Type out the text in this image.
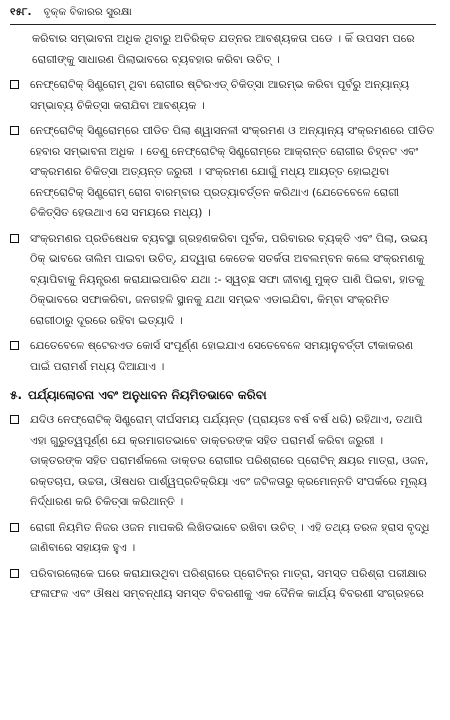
୧୫୮. ବୃକ୍କ ବିକାରର ସୁରକ୍ଷା

କରିବାର ସମ୍ଭାବନା ଅଧିକ ଥିବାରୁ ଅତିରିକ୍ତ ଯତ୍ନର ଆବଶ୍ୟକତା ପଡେ । କିଁ ଉପସମ ପରେ ରୋଗୀଙ୍କୁ ସାଧାରଣ ପିଲାଭାବରେ ବ୍ୟବହାର କରିବା ଉଚିତ୍ ।

ନେଫ୍ରୋଟିକ୍ ସିଣ୍ଡ୍ରୋମ୍ ଥିବା ରୋଗୀର ଷ୍ଟିରଏଡ୍ ଚିକିତ୍ସା ଆରମ୍ଭ କରିବା ପୂର୍ବରୁ ଅନ୍ୟାନ୍ୟ ସମ୍ଭାବ୍ୟ ଚିକିତ୍ସା କରାଯିବା ଆବଶ୍ୟକ ।
ନେଫ୍ରୋଟିକ୍ ସିଣ୍ଡ୍ରୋମ୍‌ରେ ପୀଡିତ ପିଲା ଶ୍ୱାସନଳୀ ସଂକ୍ରମଣ ଓ ଅନ୍ୟାନ୍ୟ ସଂକ୍ରମଣରେ ପୀଡିତ ହେବାର ସମ୍ଭାବନା ଅଧିକ । ତେଣୁ ନେଫ୍ରୋଟିକ୍ ସିଣ୍ଡ୍ରୋମ୍‌ରେ ଆକ୍ରାନ୍ତ ରୋଗୀର ଚିହ୍ନଟ ଏବଂ ସଂକ୍ରମଣର ଚିକିତ୍ସା ଅତ୍ୟନ୍ତ ଜରୁରୀ । ସଂକ୍ରମଣ ଯୋଗୁଁ ମଧ୍ୟ ଆୟତ୍ତ ହୋଇଥିବା ନେଫ୍ରୋଟିକ୍ ସିଣ୍ଡ୍ରୋମ୍ ରୋଗ ବାରମ୍ବାର ପ୍ରତ୍ୟାବର୍ତ୍ତନ କରିଥାଏ (ଯେତେବେଳେ ରୋଗୀ ଚିକିତ୍ସିତ ହେଉଥାଏ ସେ ସମୟରେ ମଧ୍ୟ) ।
ସଂକ୍ରମଣର ପ୍ରତିଷେଧକ ବ୍ୟବସ୍ଥା ଗ୍ରହଣକରିବା ପୂର୍ବକ, ପରିବାରର ବ୍ୟକ୍ତି ଏବଂ ପିଲା, ଉଭୟ ଠିକ୍ ଭାବରେ ତାଲିମ ପାଇବା ଉଚିତ୍, ଯଦ୍ୱାରା କେତେକ ସତର୍କତା ଅବଲମ୍ବନ କଲେ ସଂକ୍ରମଣକୁ ବ୍ୟାପିବାକୁ ନିୟନ୍ତ୍ରଣ କରାଯାଇପାରିବ ଯଥା :- ସ୍ୱଚ୍ଛ ସଫା ଜୀବାଣୁ ମୁକ୍ତ ପାଣି ପିଇବା, ହାତକୁ ଠିକ୍‌ଭାବରେ ସଫାକରିବା, ଜନଗହଳି ସ୍ଥାନକୁ ଯଥା ସମ୍ଭବ ଏଡାଇଯିବା, କିମ୍ବା ସଂକ୍ରମିତ ରୋଗୀଠାରୁ ଦୂରରେ ରହିବା ଇତ୍ୟାଦି ।
ଯେତେବେଳେ ଷ୍ଟେରଏଡ କୋର୍ସ ସଂପୂର୍ଣ୍ଣ ହୋଇଯାଏ ସେତେବେଳେ ସମୟାନୁବର୍ତ୍ତୀ ଟୀକାକରଣ ପାଇଁ ପରାମର୍ଶ ମଧ୍ୟ ଦିଆଯାଏ ।
୫. ପର୍ଯ୍ୟାଲୋଚନା ଏବଂ ଅନୁଧାବନ ନିୟମିତଭାବେ କରିବା
ଯଦିଓ ନେଫ୍ରୋଟିକ୍ ସିଣ୍ଡ୍ରୋମ୍ ଦୀର୍ଘସମୟ ପର୍ଯ୍ୟନ୍ତ (ପ୍ରାୟତଃ ବର୍ଷ ବର୍ଷ ଧରି) ରହିଥାଏ, ତଥାପି ଏହା ଗୁରୁତ୍ୱପୂର୍ଣ୍ଣ ଯେ କ୍ରମାଗତଭାବେ ଡାକ୍ତରଙ୍କ ସହିତ ପରାମର୍ଶ କରିବା ଜରୁରୀ । ଡାକ୍ତରଙ୍କ ସହିତ ପରାମର୍ଶକଲେ ଡାକ୍ତର ରୋଗୀର ପରିଶ୍ରାରେ ପ୍ରୋଟିନ୍ କ୍ଷୟର ମାତ୍ରା, ଓଜନ, ରକ୍ତଚାପ, ଉଚ୍ଚତା, ଔଷଧର ପାର୍ଶ୍ୱପ୍ରତିକ୍ରିୟା ଏବଂ ଜଟିଳତାରୁ କ୍ରମୋନ୍ନତି ସଂପର୍କରେ ମୂଲ୍ୟ ନିର୍ଦ୍ଧାରଣ କରି ଚିକିତ୍ସା କରିଥାନ୍ତି ।
ରୋଗୀ ନିୟମିତ ନିଜର ଓଜନ ମାପକରି ଲିଖିତଭାବେ ରଖିବା ଉଚିତ୍ । ଏହି ତଥ୍ୟ ତରଳ ହ୍ରାସ ବୃଦ୍ଧି ଜାଣିବାରେ ସହାୟକ ହୁଏ ।
ପରିବାରଲୋକେ ଘରେ କରାଯାଉଥିବା ପରିଶ୍ରାରେ ପ୍ରୋଟିନ୍‌ର ମାତ୍ରା, ସମସ୍ତ ପରିଶ୍ରା ପରୀକ୍ଷାର ଫଳାଫଳ ଏବଂ ଔଷଧ ସମ୍ବନ୍ଧୀୟ ସମସ୍ତ ବିବରଣୀକୁ ଏକ ଦୈନିକ କାର୍ଯ୍ୟ ବିବରଣୀ ସଂଗ୍ରହରେ
